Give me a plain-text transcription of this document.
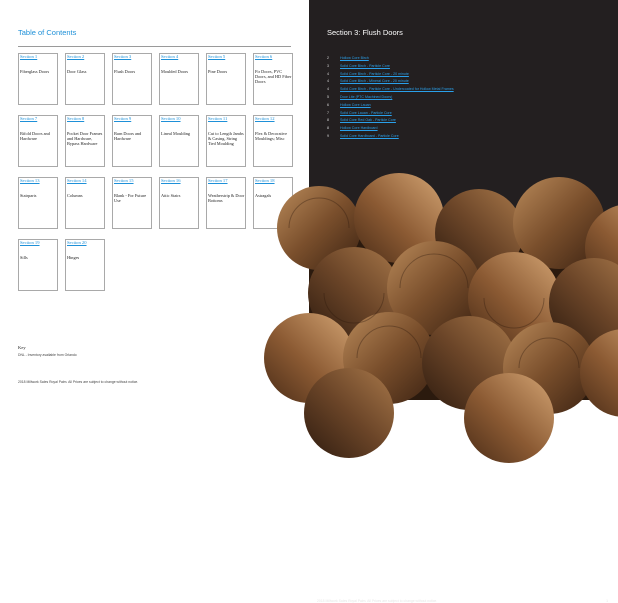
Table of Contents
Section 1
Fiberglass Doors
Section 2
Door Glass
Section 3
Flush Doors
Section 4
Moulded Doors
Section 5
Pine Doors
Section 6
Fir Doors, PVC Doors, and HD Fiber Doors
Section 7
Bifold Doors and Hardware
Section 8
Pocket Door Frames and Hardware, Bypass Hardware
Section 9
Barn Doors and Hardware
Section 10
Lineal Moulding
Section 11
Cut to Length Jambs & Casing, String Tied Moulding
Section 12
Flex & Decorative Mouldings; Misc
Section 13
Stairparts
Section 14
Columns
Section 15
Blank - For Future Use
Section 16
Attic Stairs
Section 17
Weatherstrip & Door Bottoms
Section 18
Astragals
Section 19
Sills
Section 20
Hinges
Key
DNL - Inventory available from Orlando
2018 Millwork Sales Royal Palm. All Prices are subject to change without notice.
Section 3: Flush Doors
2	Hollow Core Birch
3	Solid Core Birch - Particle Core
4	Solid Core Birch - Particle Core - 20 minute
4	Solid Core Birch - Mineral Core - 20 minute
4	Solid Core Birch - Particle Core - Undercoated for Hollow Metal Frames
5	Door Lite (PTC Machined Doors)
6	Hollow Core Lauan
7	Solid Core Lauan - Particle Core
8	Solid Core Red Oak - Particle Core
8	Hollow Core Hardboard
9	Solid Core Hardboard - Particle Core
2018 Millwork Sales Royal Palm. All Prices are subject to change without notice.	1
